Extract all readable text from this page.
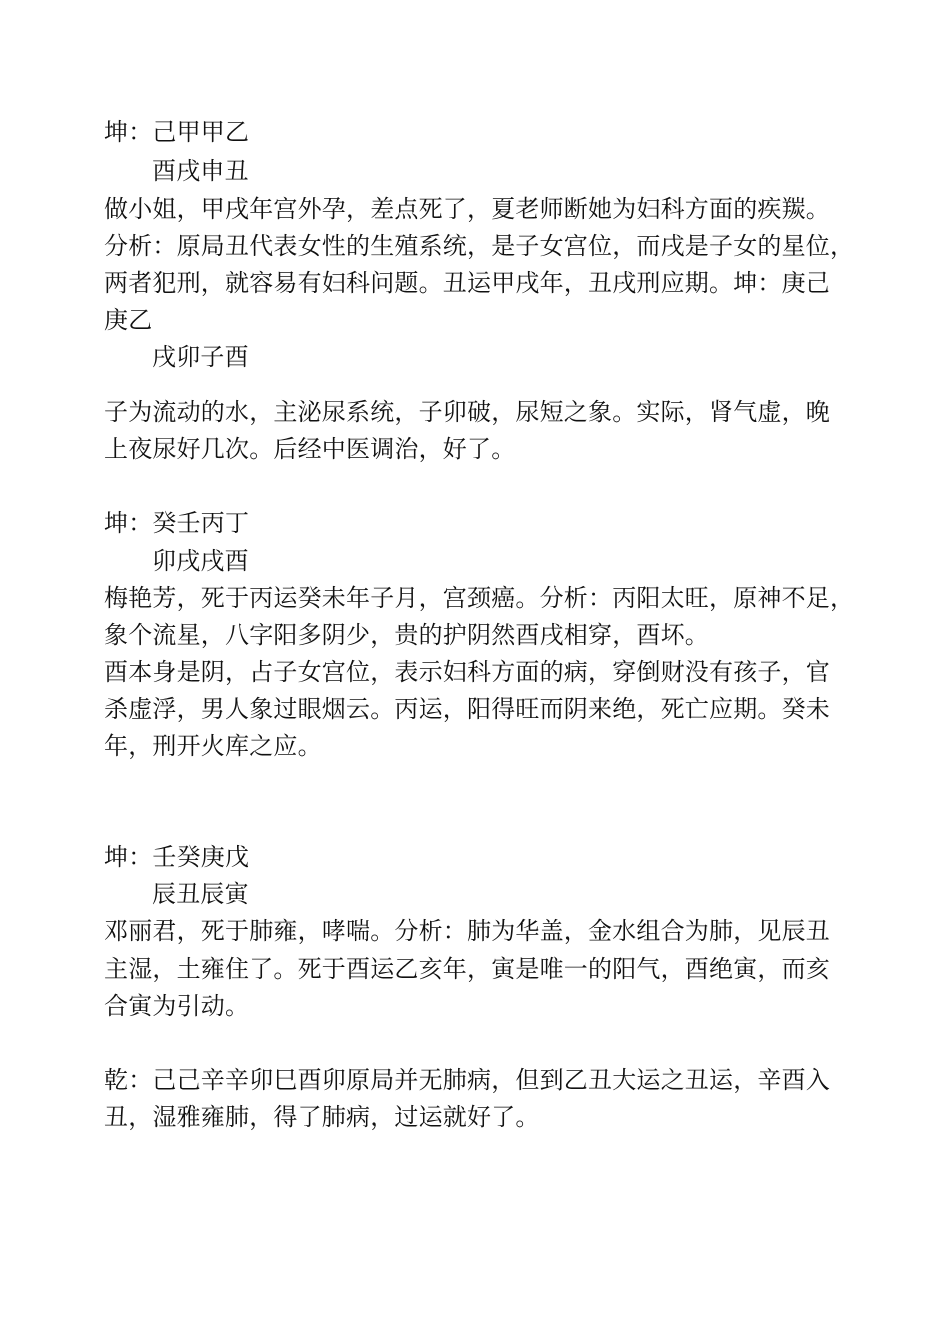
坤：己甲甲乙
酉戌申丑
做小姐，甲戌年宫外孕，差点死了，夏老师断她为妇科方面的疾羰。
分析：原局丑代表女性的生殖系统，是子女宫位，而戌是子女的星位，
两者犯刑，就容易有妇科问题。丑运甲戌年，丑戌刑应期。坤：庚己
庚乙
戌卯子酉
子为流动的水，主泌尿系统，子卯破，尿短之象。实际，肾气虚，晚
上夜尿好几次。后经中医调治，好了。
坤：癸壬丙丁
卯戌戌酉
梅艳芳，死于丙运癸未年子月，宫颈癌。分析：丙阳太旺，原神不足，
象个流星，八字阳多阴少，贵的护阴然酉戌相穿，酉坏。
酉本身是阴，占子女宫位，表示妇科方面的病，穿倒财没有孩子，官
杀虚浮，男人象过眼烟云。丙运，阳得旺而阴来绝，死亡应期。癸未
年，刑开火库之应。
坤：壬癸庚戊
辰丑辰寅
邓丽君，死于肺雍，哮喘。分析：肺为华盖，金水组合为肺，见辰丑
主湿，土雍住了。死于酉运乙亥年，寅是唯一的阳气，酉绝寅，而亥
合寅为引动。
乾：己己辛辛卯巳酉卯原局并无肺病，但到乙丑大运之丑运，辛酉入
丑，湿雅雍肺，得了肺病，过运就好了。
